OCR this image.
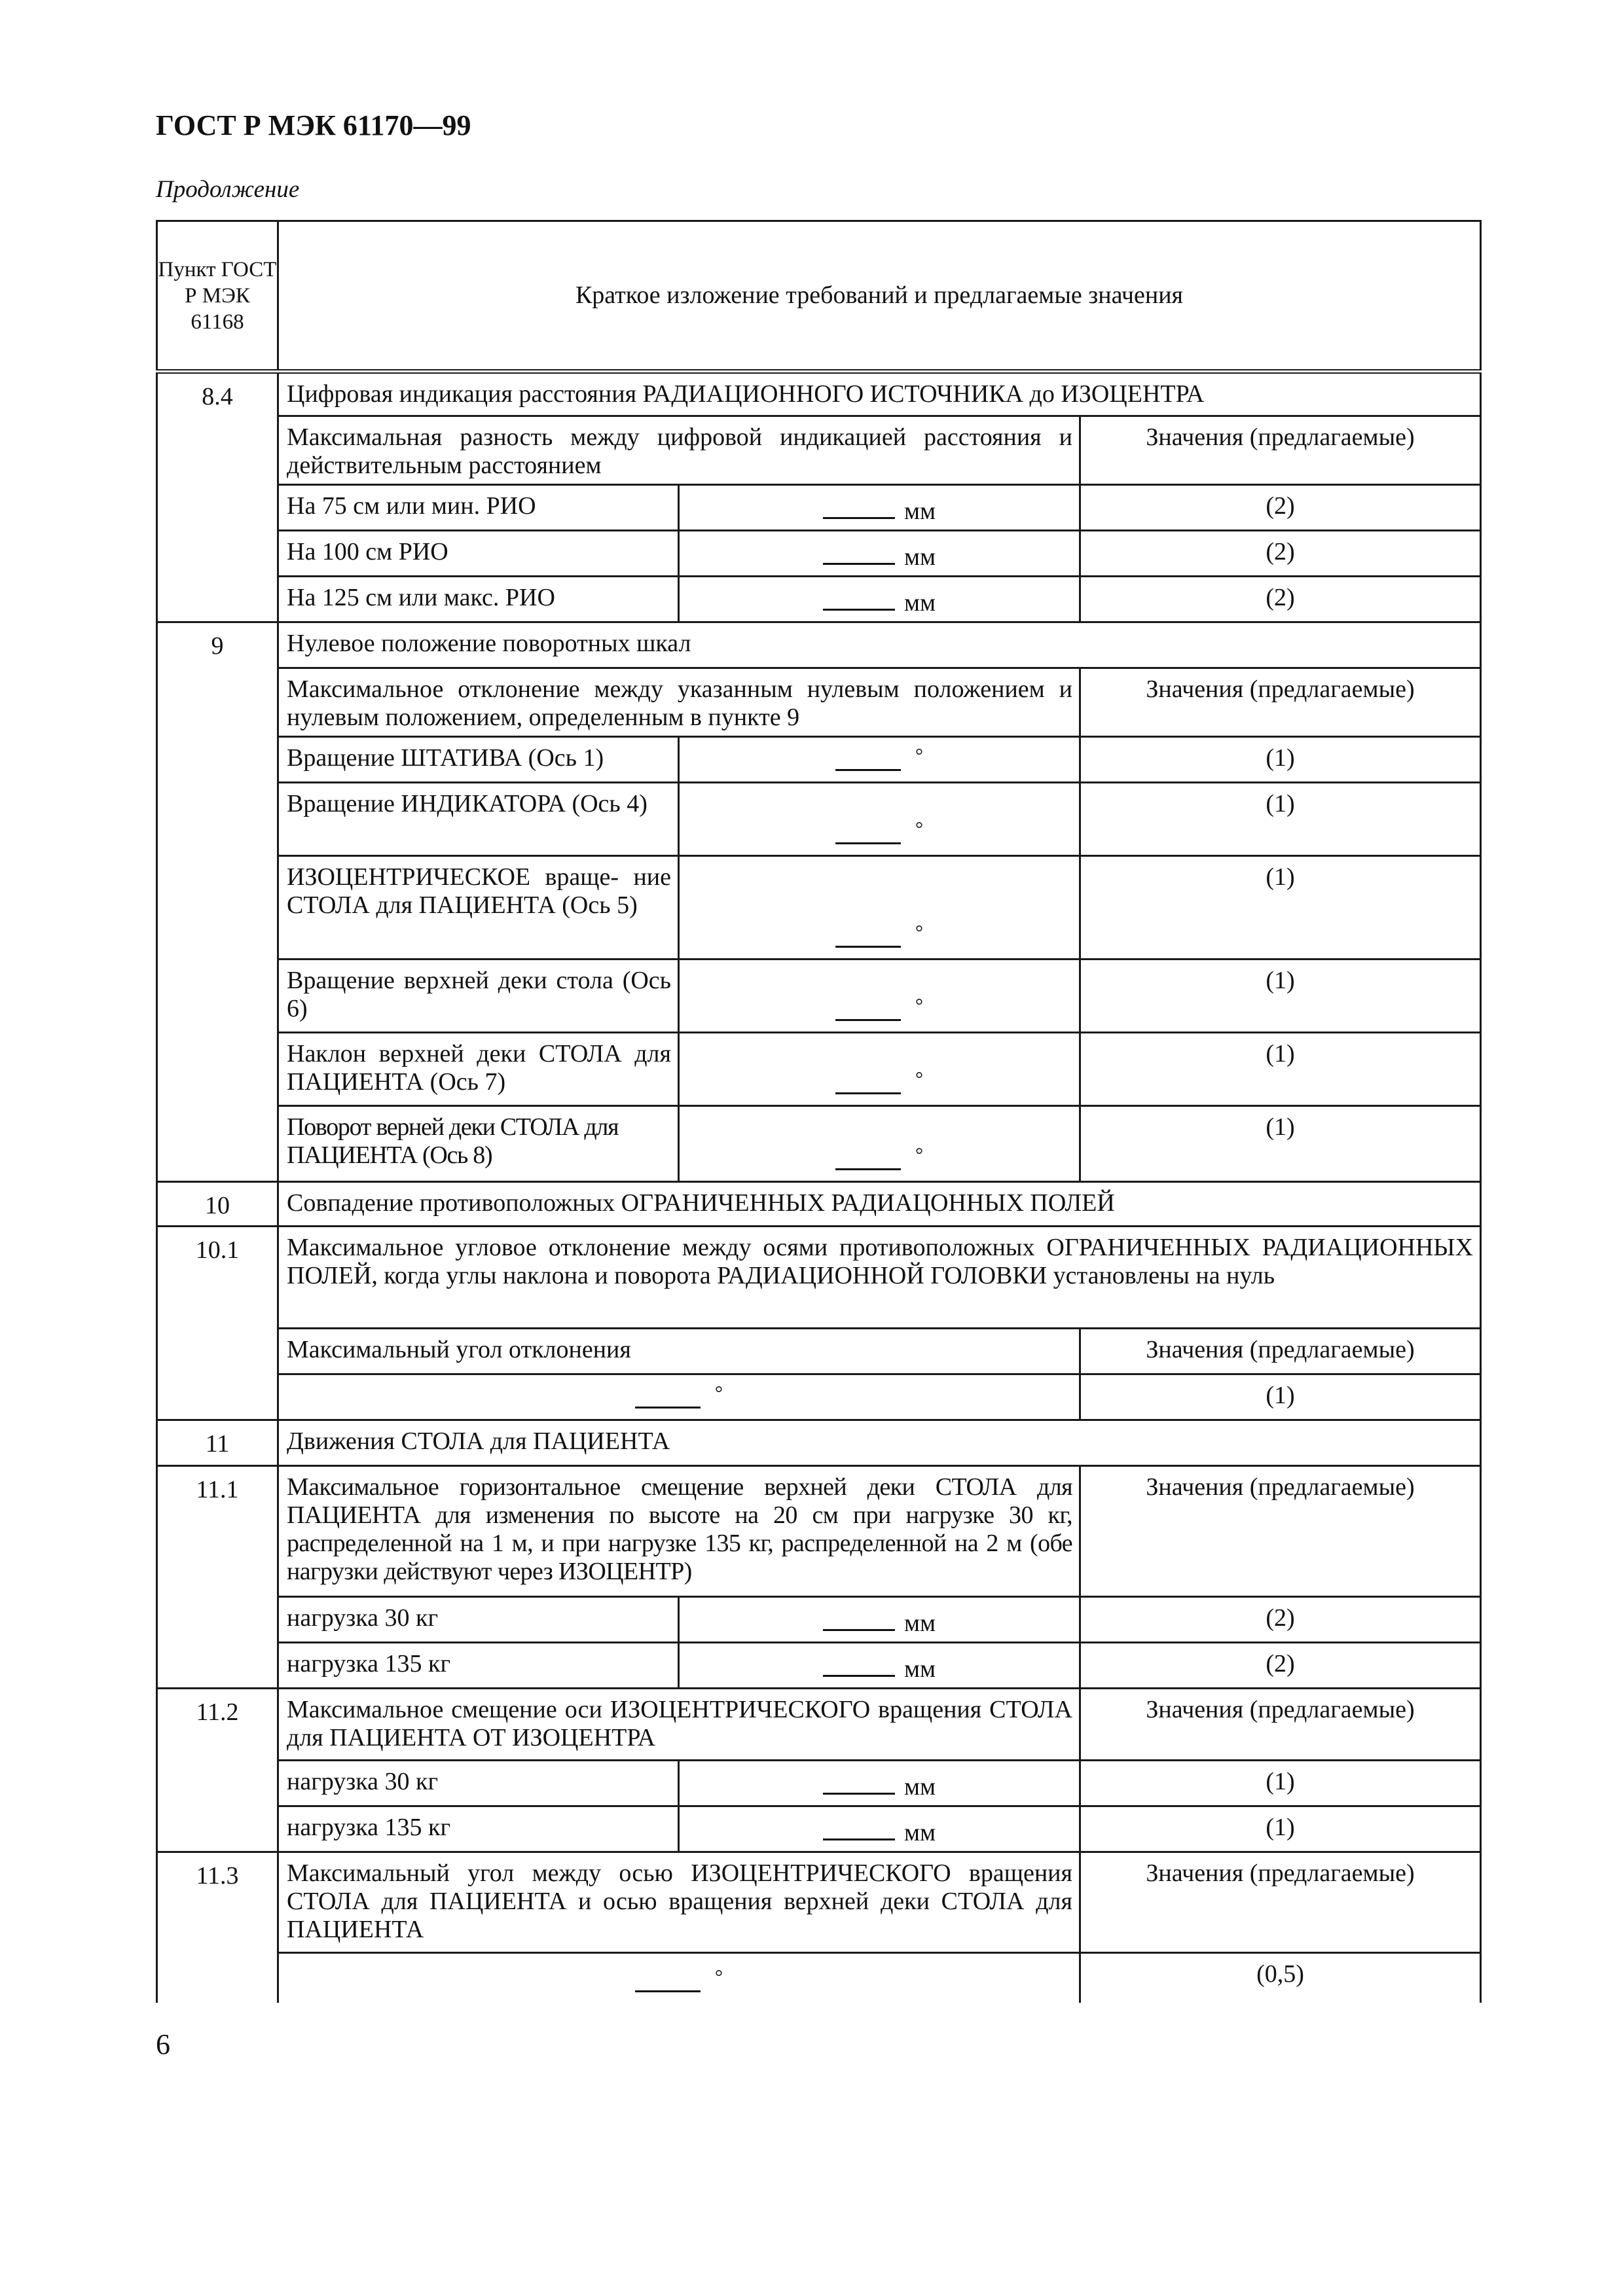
ГОСТ Р МЭК 61170—99
Продолжение
Пункт ГОСТ Р МЭК 61168	Краткое изложение требований и предлагаемые значения		
8.4	Цифровая индикация расстояния РАДИАЦИОННОГО ИСТОЧНИКА до ИЗОЦЕНТРА		
	Максимальная разность между цифровой индикацией расстояния и действительным расстоянием		Значения (предлагаемые)
	На 75 см или мин. РИО	мм	(2)
	На 100 см РИО	мм	(2)
	На 125 см или макс. РИО	мм	(2)
9	Нулевое положение поворотных шкал		
	Максимальное отклонение между указанным нулевым положением и нулевым положением, определенным в пункте 9		Значения (предлагаемые)
	Вращение ШТАТИВА (Ось 1)	°	(1)
	Вращение ИНДИКАТОРА (Ось 4)	°	(1)
	ИЗОЦЕНТРИЧЕСКОЕ враще- ние СТОЛА для ПАЦИЕНТА (Ось 5)	°	(1)
	Вращение верхней деки стола (Ось 6)	°	(1)
	Наклон верхней деки СТОЛА для ПАЦИЕНТА (Ось 7)	°	(1)
	Поворот верней деки СТОЛА для ПАЦИЕНТА (Ось 8)	°	(1)
10	Совпадение противоположных ОГРАНИЧЕННЫХ РАДИАЦОННЫХ ПОЛЕЙ		
10.1	Максимальное угловое отклонение между осями противоположных ОГРАНИЧЕННЫХ РАДИАЦИОННЫХ ПОЛЕЙ, когда углы наклона и поворота РАДИАЦИОННОЙ ГОЛОВКИ установлены на нуль		
	Максимальный угол отклонения		Значения (предлагаемые)
	°		(1)
11	Движения СТОЛА для ПАЦИЕНТА		
11.1	Максимальное горизонтальное смещение верхней деки СТОЛА для ПАЦИЕНТА для изменения по высоте на 20 см при нагрузке 30 кг, распределенной на 1 м, и при нагрузке 135 кг, распределенной на 2 м (обе нагрузки действуют через ИЗОЦЕНТР)		Значения (предлагаемые)
	нагрузка 30 кг	мм	(2)
	нагрузка 135 кг	мм	(2)
11.2	Максимальное смещение оси ИЗОЦЕНТРИЧЕСКОГО вращения СТОЛА для ПАЦИЕНТА ОТ ИЗОЦЕНТРА		Значения (предлагаемые)
	нагрузка 30 кг	мм	(1)
	нагрузка 135 кг	мм	(1)
11.3	Максимальный угол между осью ИЗОЦЕНТРИЧЕСКОГО вращения СТОЛА для ПАЦИЕНТА и осью вращения верхней деки СТОЛА для ПАЦИЕНТА		Значения (предлагаемые)
	°		(0,5)
6
